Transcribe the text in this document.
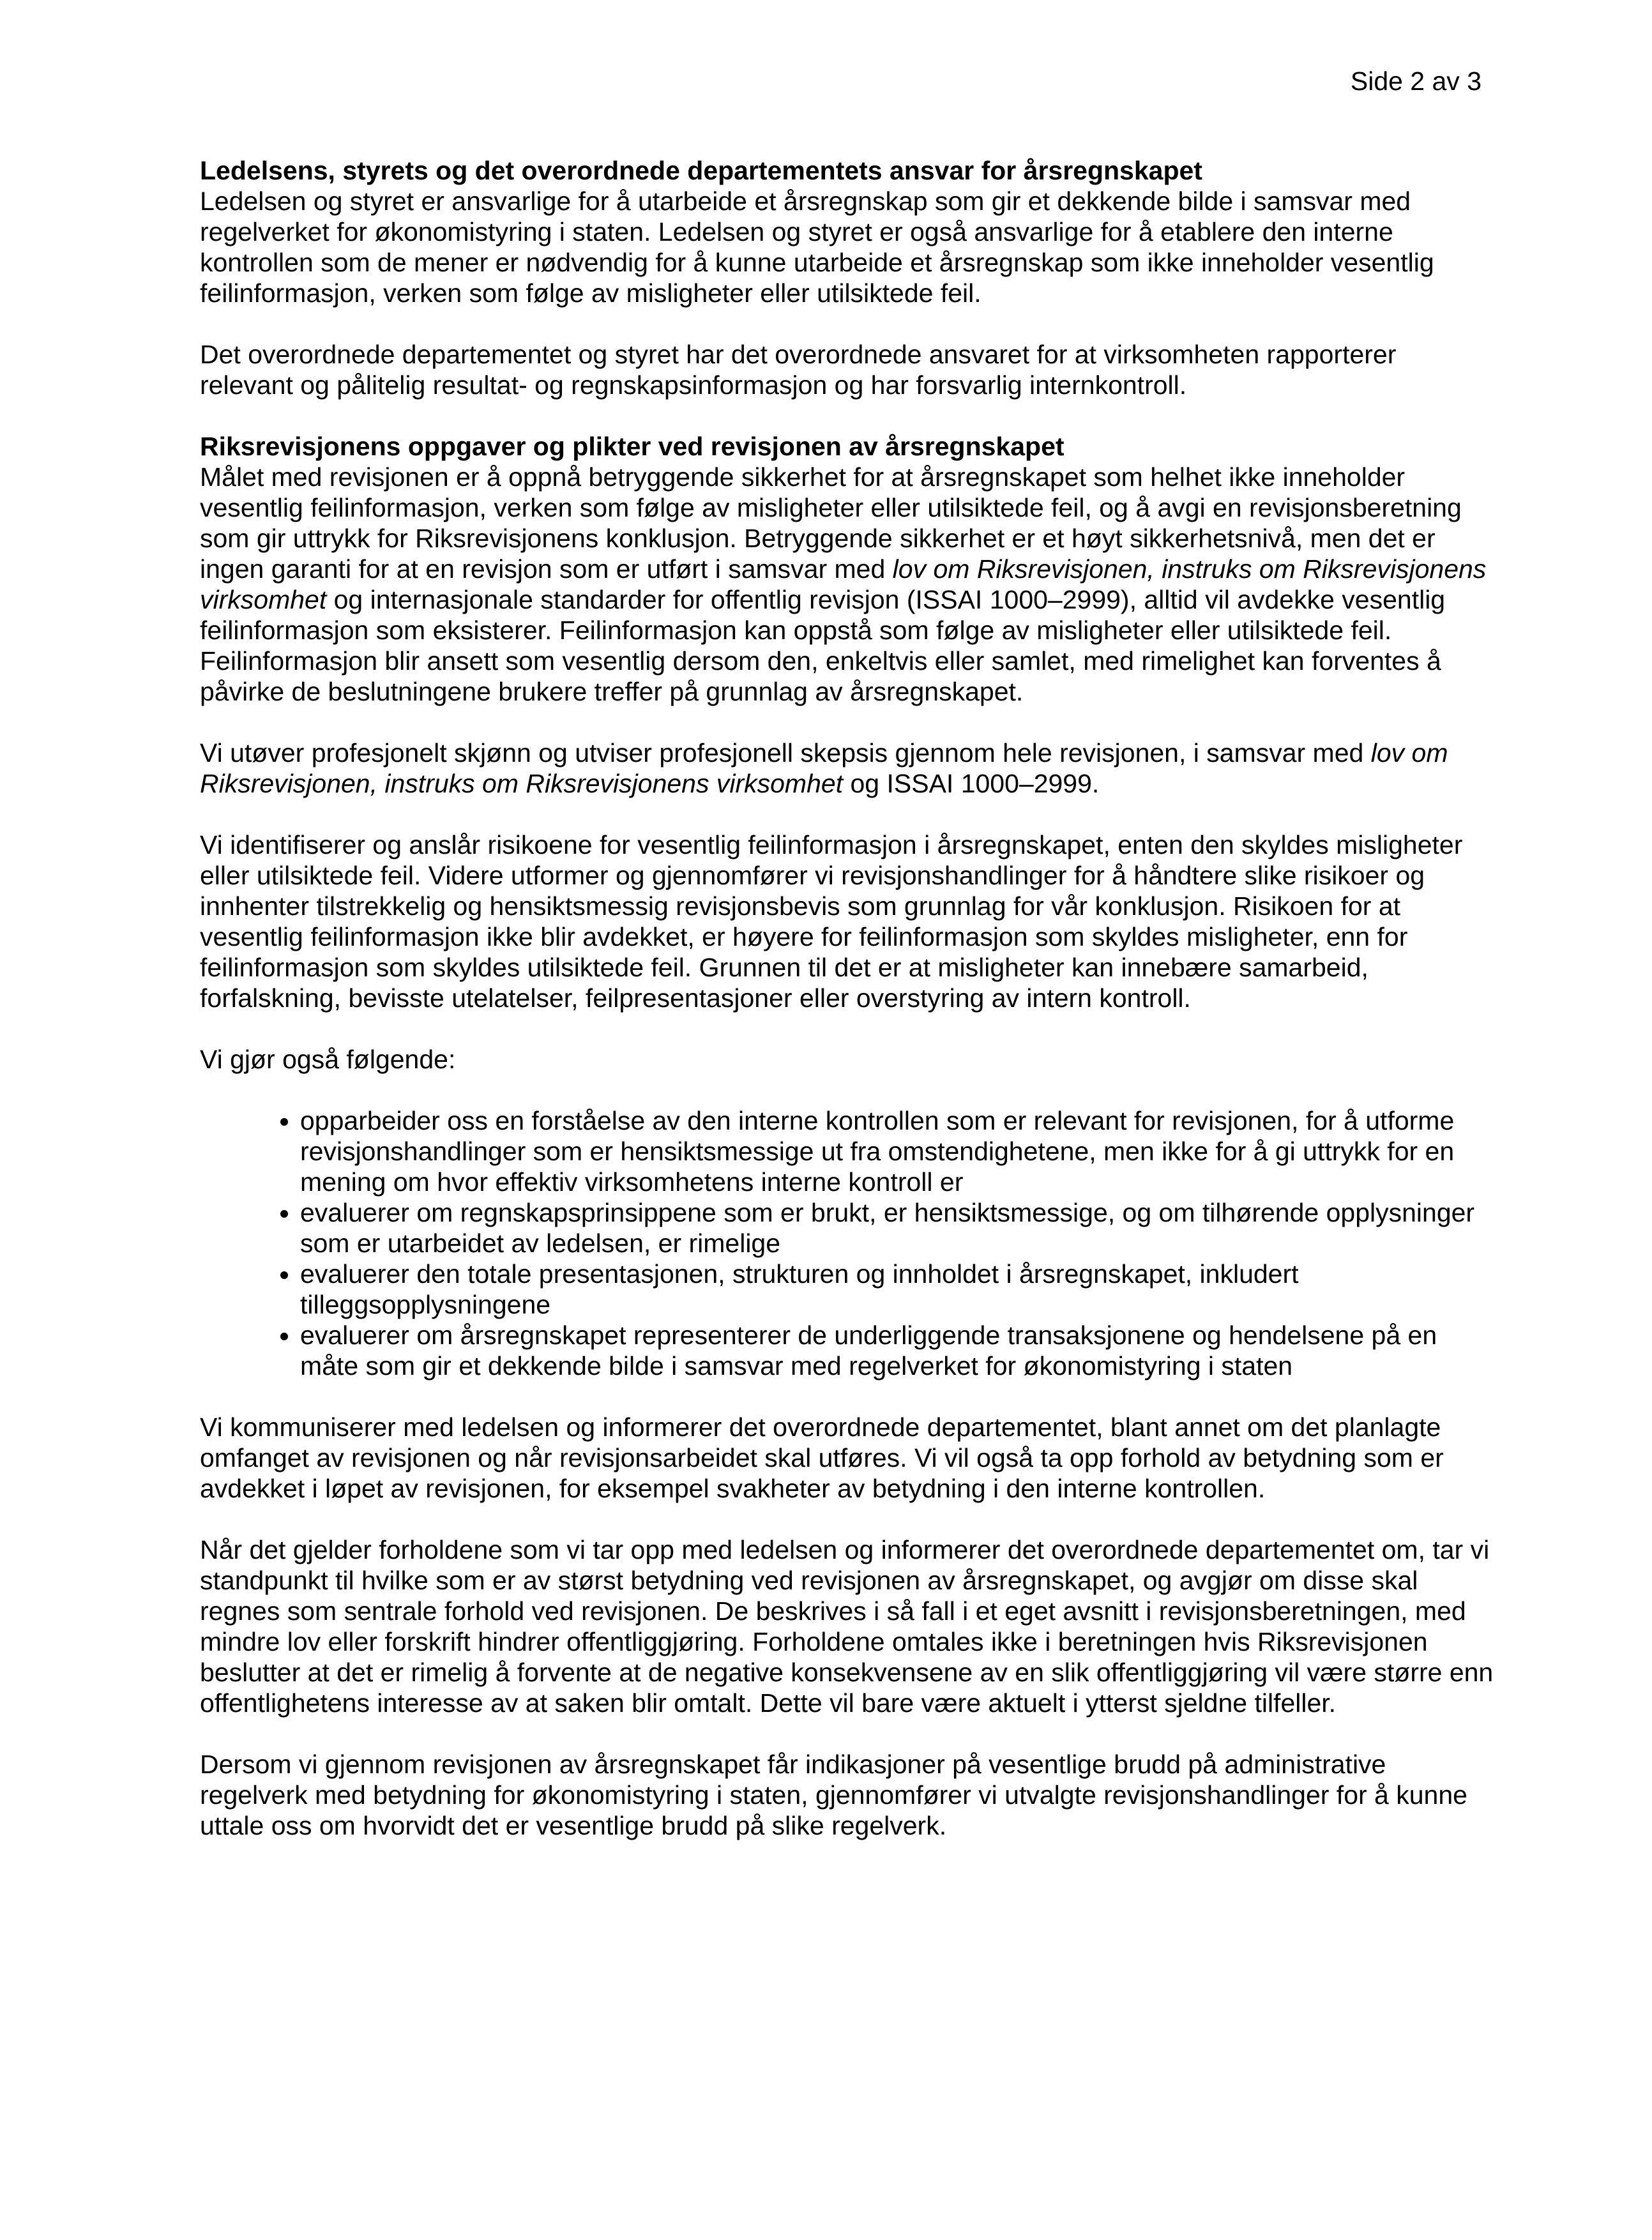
Side 2 av 3
Ledelsens, styrets og det overordnede departementets ansvar for årsregnskapet

Ledelsen og styret er ansvarlige for å utarbeide et årsregnskap som gir et dekkende bilde i samsvar med regelverket for økonomistyring i staten. Ledelsen og styret er også ansvarlige for å etablere den interne kontrollen som de mener er nødvendig for å kunne utarbeide et årsregnskap som ikke inneholder vesentlig feilinformasjon, verken som følge av misligheter eller utilsiktede feil.

Det overordnede departementet og styret har det overordnede ansvaret for at virksomheten rapporterer relevant og pålitelig resultat- og regnskapsinformasjon og har forsvarlig internkontroll.

Riksrevisjonens oppgaver og plikter ved revisjonen av årsregnskapet

Målet med revisjonen er å oppnå betryggende sikkerhet for at årsregnskapet som helhet ikke inneholder vesentlig feilinformasjon, verken som følge av misligheter eller utilsiktede feil, og å avgi en revisjonsberetning som gir uttrykk for Riksrevisjonens konklusjon. Betryggende sikkerhet er et høyt sikkerhetsnivå, men det er ingen garanti for at en revisjon som er utført i samsvar med lov om Riksrevisjonen, instruks om Riksrevisjonens virksomhet og internasjonale standarder for offentlig revisjon (ISSAI 1000–2999), alltid vil avdekke vesentlig feilinformasjon som eksisterer. Feilinformasjon kan oppstå som følge av misligheter eller utilsiktede feil. Feilinformasjon blir ansett som vesentlig dersom den, enkeltvis eller samlet, med rimelighet kan forventes å påvirke de beslutningene brukere treffer på grunnlag av årsregnskapet.

Vi utøver profesjonelt skjønn og utviser profesjonell skepsis gjennom hele revisjonen, i samsvar med lov om Riksrevisjonen, instruks om Riksrevisjonens virksomhet og ISSAI 1000–2999.

Vi identifiserer og anslår risikoene for vesentlig feilinformasjon i årsregnskapet, enten den skyldes misligheter eller utilsiktede feil. Videre utformer og gjennomfører vi revisjonshandlinger for å håndtere slike risikoer og innhenter tilstrekkelig og hensiktsmessig revisjonsbevis som grunnlag for vår konklusjon. Risikoen for at vesentlig feilinformasjon ikke blir avdekket, er høyere for feilinformasjon som skyldes misligheter, enn for feilinformasjon som skyldes utilsiktede feil. Grunnen til det er at misligheter kan innebære samarbeid, forfalskning, bevisste utelatelser, feilpresentasjoner eller overstyring av intern kontroll.

Vi gjør også følgende:

• opparbeider oss en forståelse av den interne kontrollen som er relevant for revisjonen, for å utforme revisjonshandlinger som er hensiktsmessige ut fra omstendighetene, men ikke for å gi uttrykk for en mening om hvor effektiv virksomhetens interne kontroll er
• evaluerer om regnskapsprinsippene som er brukt, er hensiktsmessige, og om tilhørende opplysninger som er utarbeidet av ledelsen, er rimelige
• evaluerer den totale presentasjonen, strukturen og innholdet i årsregnskapet, inkludert tilleggsopplysningene
• evaluerer om årsregnskapet representerer de underliggende transaksjonene og hendelsene på en måte som gir et dekkende bilde i samsvar med regelverket for økonomistyring i staten

Vi kommuniserer med ledelsen og informerer det overordnede departementet, blant annet om det planlagte omfanget av revisjonen og når revisjonsarbeidet skal utføres. Vi vil også ta opp forhold av betydning som er avdekket i løpet av revisjonen, for eksempel svakheter av betydning i den interne kontrollen.

Når det gjelder forholdene som vi tar opp med ledelsen og informerer det overordnede departementet om, tar vi standpunkt til hvilke som er av størst betydning ved revisjonen av årsregnskapet, og avgjør om disse skal regnes som sentrale forhold ved revisjonen. De beskrives i så fall i et eget avsnitt i revisjonsberetningen, med mindre lov eller forskrift hindrer offentliggjøring. Forholdene omtales ikke i beretningen hvis Riksrevisjonen beslutter at det er rimelig å forvente at de negative konsekvensene av en slik offentliggjøring vil være større enn offentlighetens interesse av at saken blir omtalt. Dette vil bare være aktuelt i ytterst sjeldne tilfeller.

Dersom vi gjennom revisjonen av årsregnskapet får indikasjoner på vesentlige brudd på administrative regelverk med betydning for økonomistyring i staten, gjennomfører vi utvalgte revisjonshandlinger for å kunne uttale oss om hvorvidt det er vesentlige brudd på slike regelverk.
